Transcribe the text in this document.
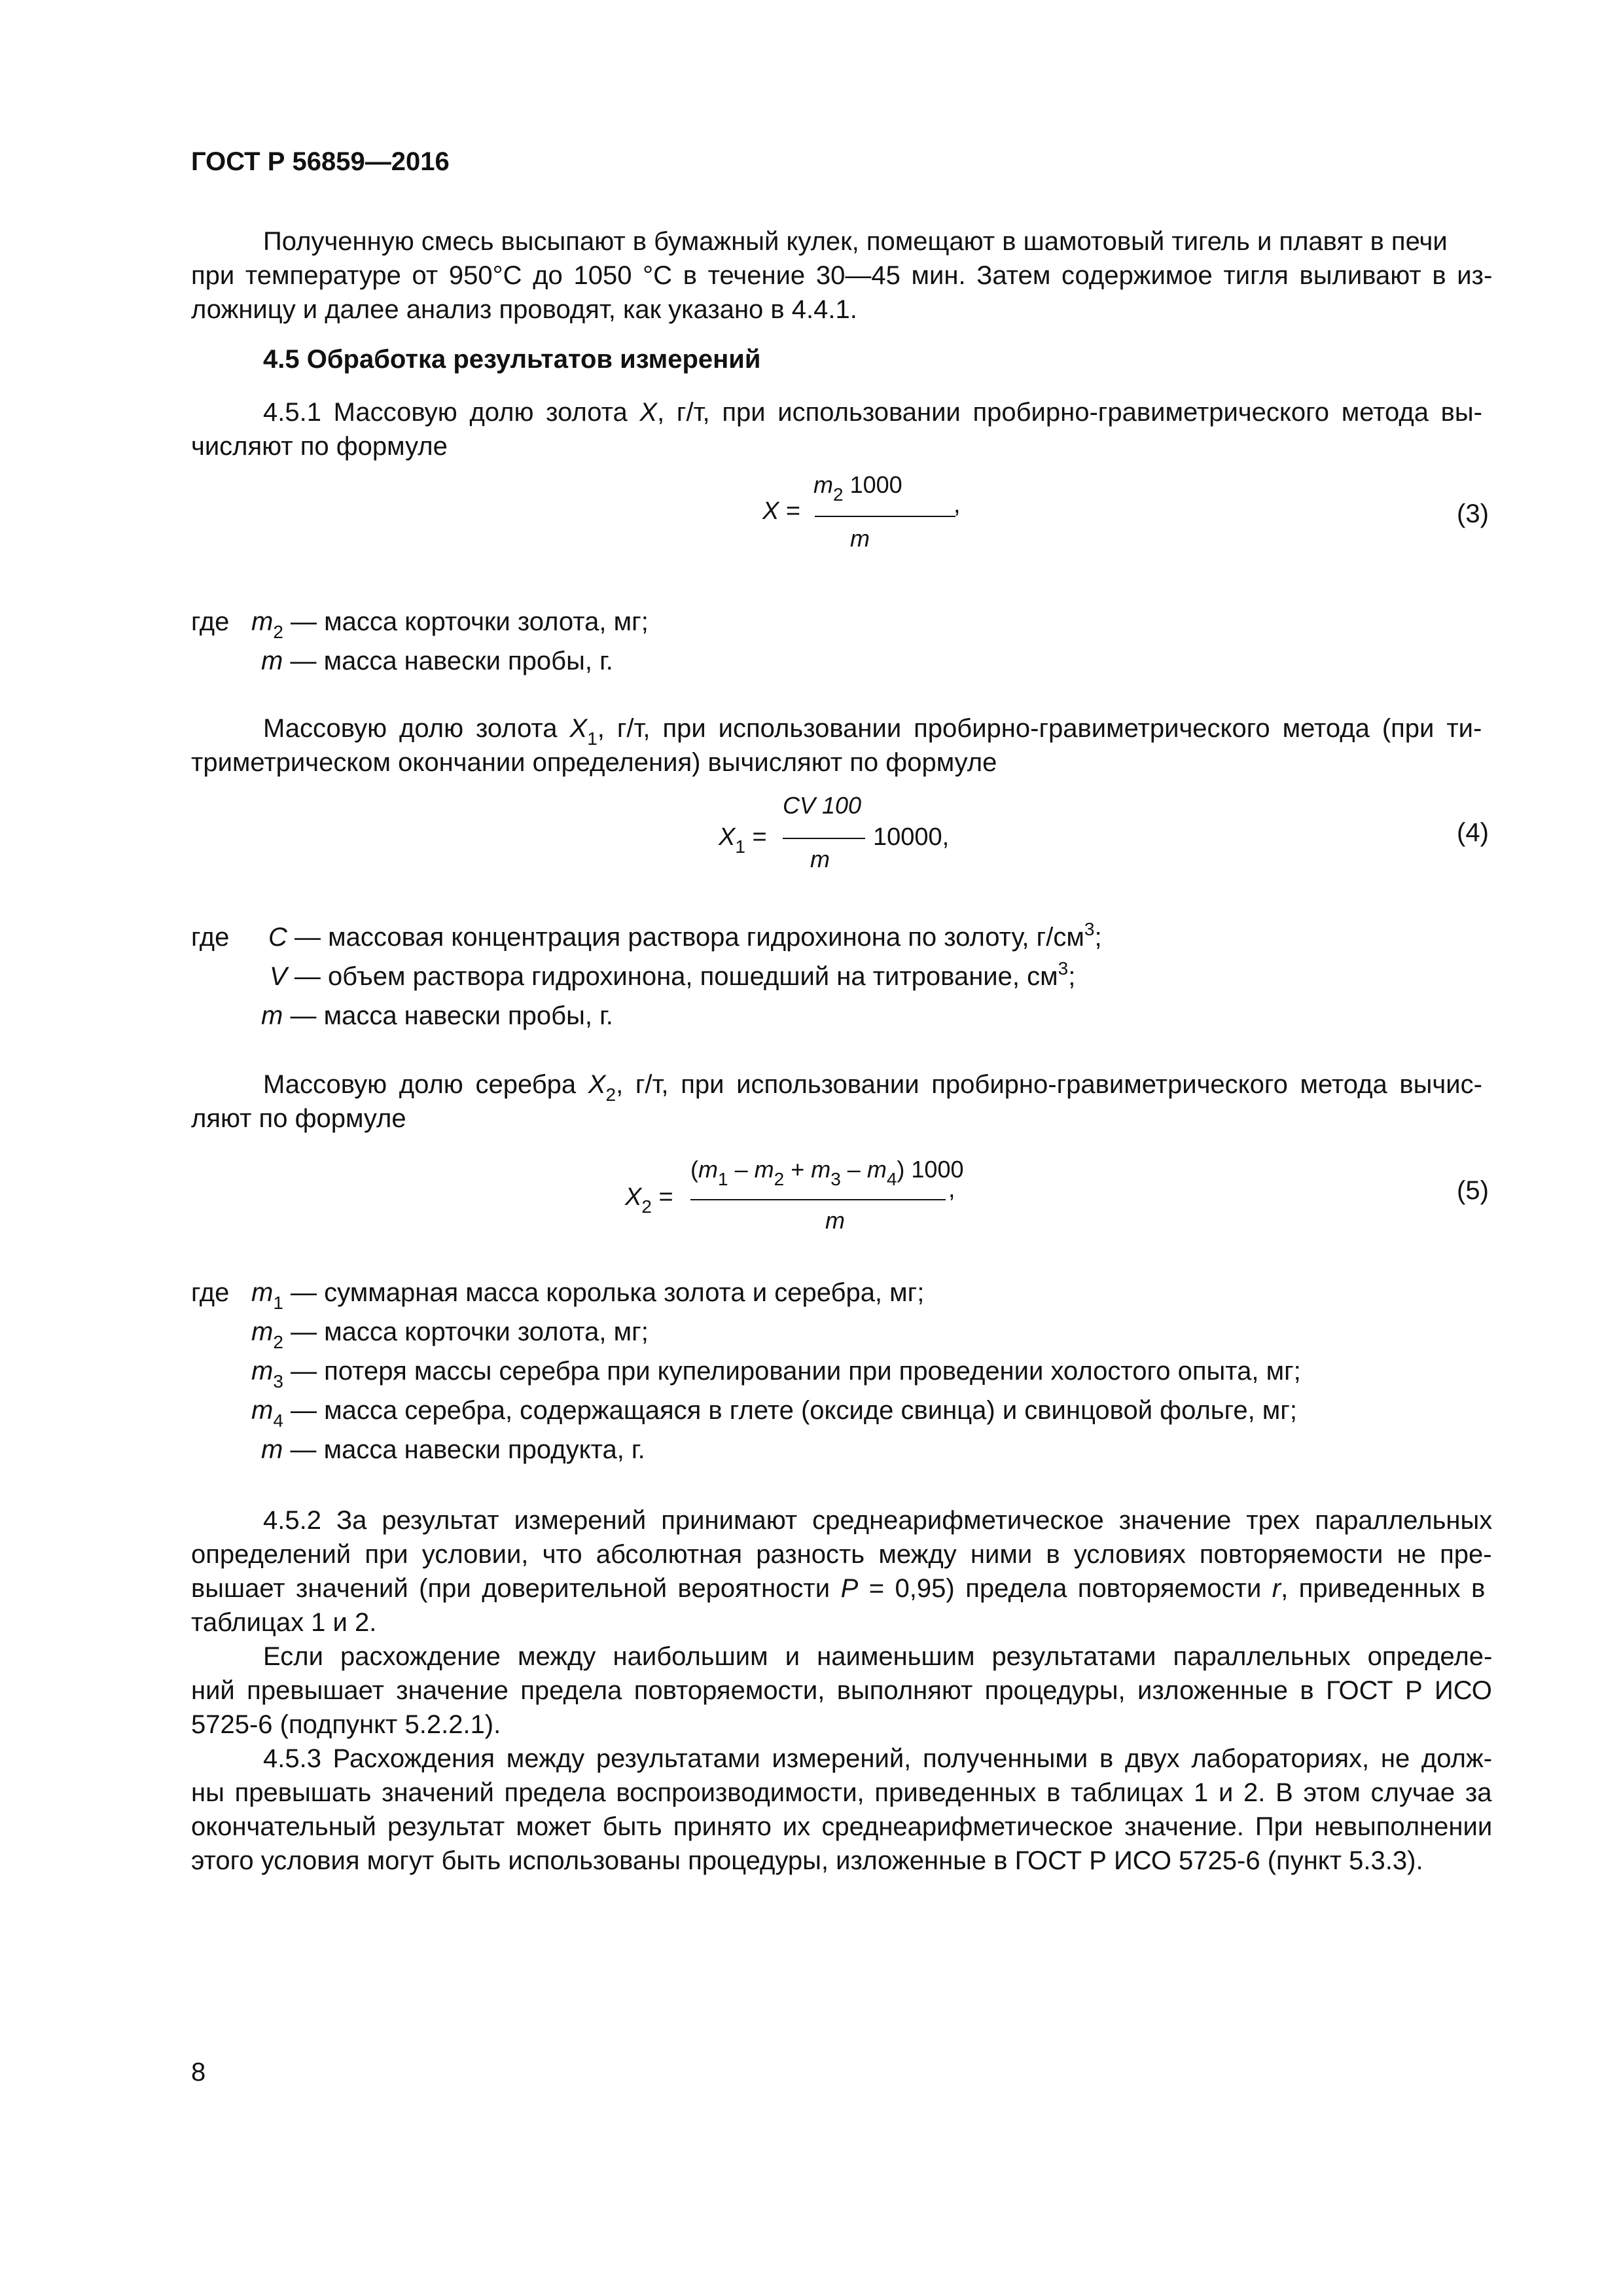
ГОСТ Р 56859—2016
Полученную смесь высыпают в бумажный кулек, помещают в шамотовый тигель и плавят в печи
при температуре от 950°C до 1050 °C в течение 30—45 мин. Затем содержимое тигля выливают в из-
ложницу и далее анализ проводят, как указано в 4.4.1.
4.5 Обработка результатов измерений
4.5.1 Массовую долю золота X, г/т, при использовании пробирно-гравиметрического метода вы-
числяют по формуле
X =
$m_2$ 1000
m
,	(3)
где $m_2$ — масса корточки золота, мг;
m — масса навески пробы, г.
Массовую долю золота $X_1$, г/т, при использовании пробирно-гравиметрического метода (при ти-
триметрическом окончании определения) вычисляют по формуле
$X_1$ =
CV 100
m
10000,	(4)
где C — массовая концентрация раствора гидрохинона по золоту, $г/см^3$;
V — объем раствора гидрохинона, пошедший на титрование, $см^3$;
m — масса навески пробы, г.
Массовую долю серебра $X_2$, г/т, при использовании пробирно-гравиметрического метода вычис-
ляют по формуле
$X_2$ =
$(m_1 - m_2 + m_3 - m_4)$ 1000
m
,	(5)
где $m_1$ — суммарная масса королька золота и серебра, мг;
$m_2$ — масса корточки золота, мг;
$m_3$ — потеря массы серебра при купелировании при проведении холостого опыта, мг;
$m_4$ — масса серебра, содержащаяся в глете (оксиде свинца) и свинцовой фольге, мг;
m — масса навески продукта, г.
4.5.2 За результат измерений принимают среднеарифметическое значение трех параллельных
определений при условии, что абсолютная разность между ними в условиях повторяемости не пре-
вышает значений (при доверительной вероятности P = 0,95) предела повторяемости r, приведенных в
таблицах 1 и 2.
Если расхождение между наибольшим и наименьшим результатами параллельных определе-
ний превышает значение предела повторяемости, выполняют процедуры, изложенные в ГОСТ Р ИСО
5725-6 (подпункт 5.2.2.1).
4.5.3 Расхождения между результатами измерений, полученными в двух лабораториях, не долж-
ны превышать значений предела воспроизводимости, приведенных в таблицах 1 и 2. В этом случае за
окончательный результат может быть принято их среднеарифметическое значение. При невыполнении
этого условия могут быть использованы процедуры, изложенные в ГОСТ Р ИСО 5725-6 (пункт 5.3.3).
8
